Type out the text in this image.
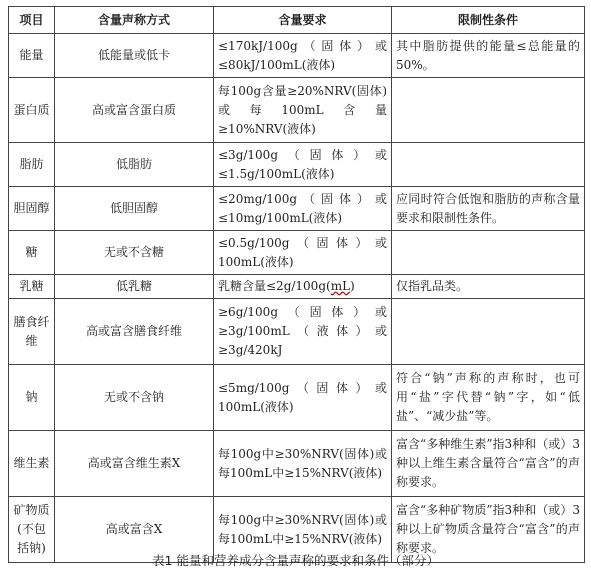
项目	含量声称方式	含量要求	限制性条件
能量	低能量或低卡	≤170kJ/100g（固体）或≤80kJ/100mL(液体)	其中脂肪提供的能量≤总能量的50%。
蛋白质	高或富含蛋白质	每100g含量≥20%NRV(固体)或每100mL含量≥10%NRV(液体)	
脂肪	低脂肪	≤3g/100g（固体）或≤1.5g/100mL(液体)	
胆固醇	低胆固醇	≤20mg/100g（固体）或≤10mg/100mL(液体)	应同时符合低饱和脂肪的声称含量要求和限制性条件。
糖	无或不含糖	≤0.5g/100g（固体）或100mL(液体)	
乳糖	低乳糖	乳糖含量≤2g/100g(mL)	仅指乳品类。
膳食纤维	高或富含膳食纤维	≥6g/100g（固体）或≥3g/100mL（液体）或≥3g/420kJ	
钠	无或不含钠	≤5mg/100g（固体）或100mL(液体)	符合“钠”声称的声称时，也可用“盐”字代替“钠”字，如“低盐”、“减少盐”等。
维生素	高或富含维生素X	每100g中≥30%NRV(固体)或每100mL中≥15%NRV(液体)	富含“多种维生素”指3种和（或）3种以上维生素含量符合“富含”的声称要求。
矿物质(不包括钠)	高或富含X	每100g中≥30%NRV(固体)或每100mL中≥15%NRV(液体)	富含“多种矿物质”指3种和（或）3种以上矿物质含量符合“富含”的声称要求。
表1 能量和营养成分含量声称的要求和条件（部分）
